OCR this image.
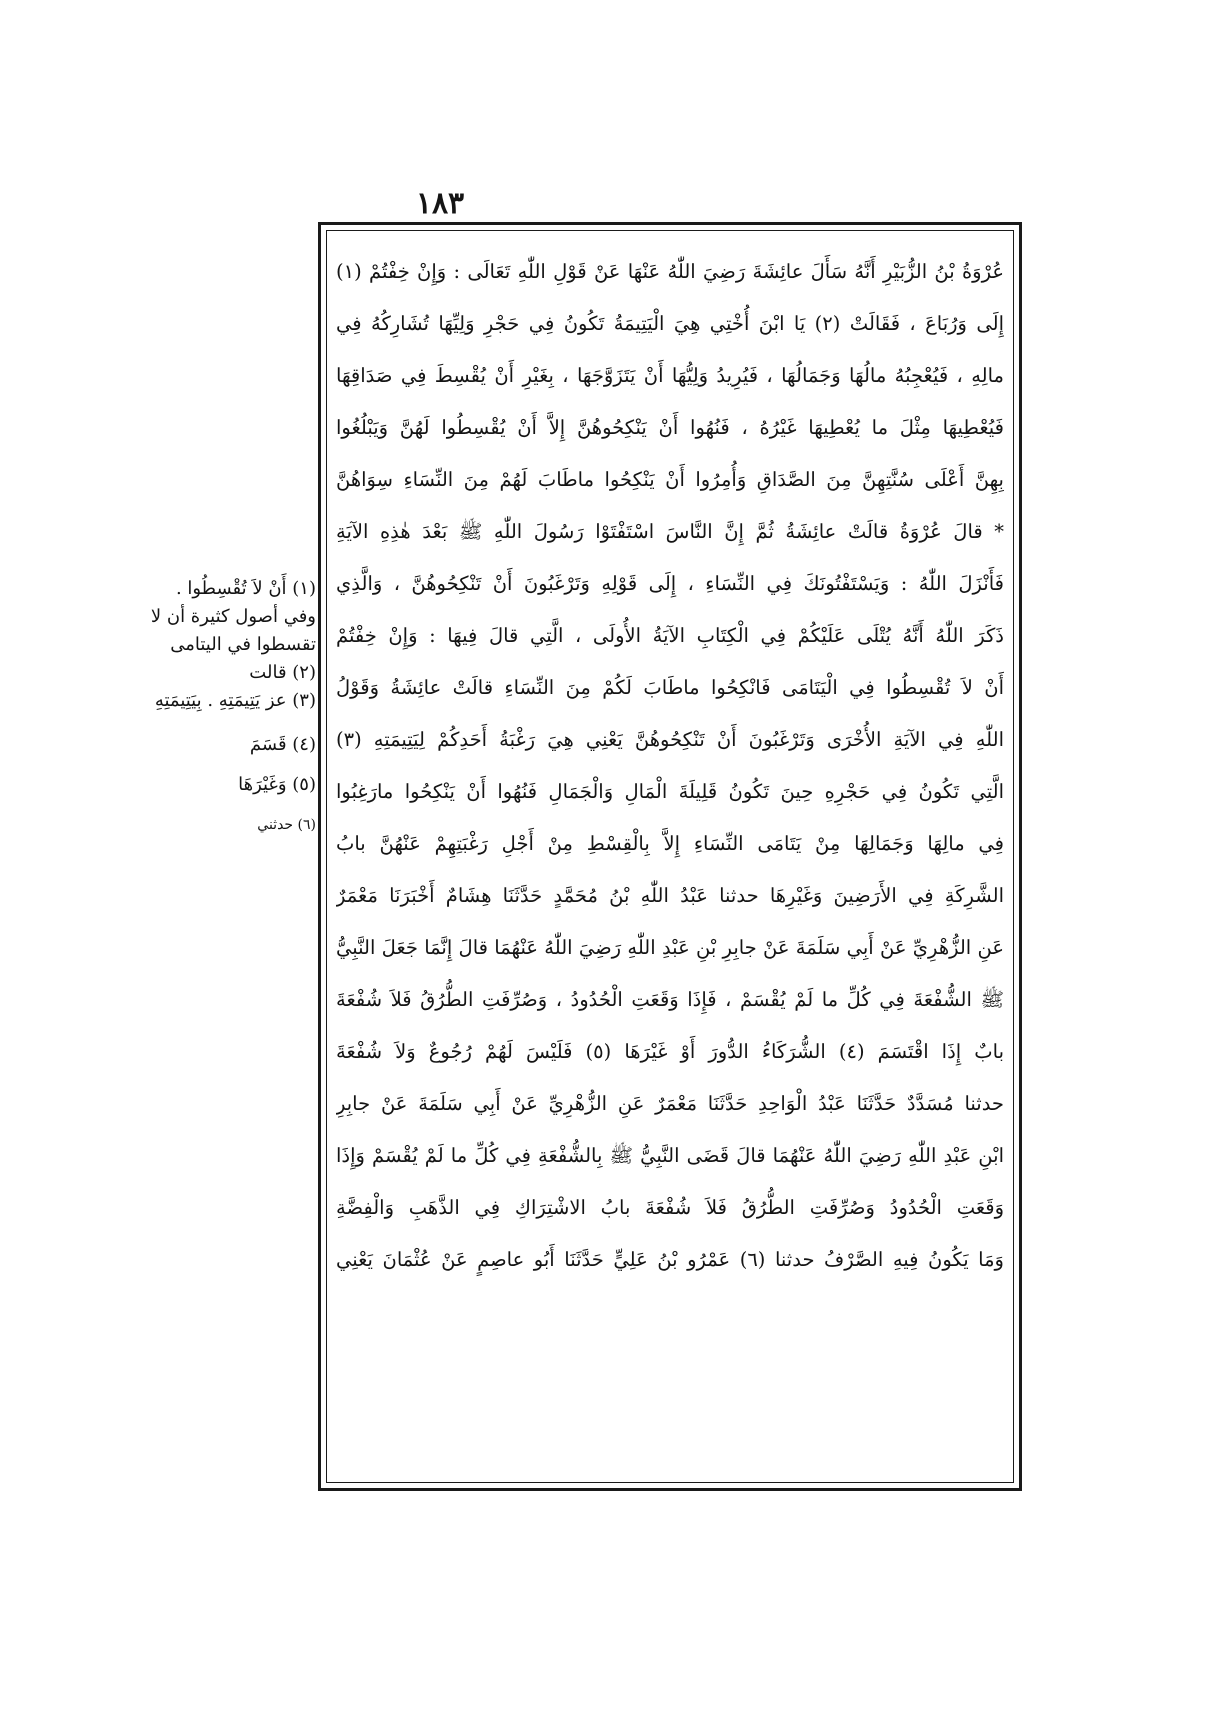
١٨٣
عُرْوَةُ بْنُ الزُّبَيْرِ أَنَّهُ سَأَلَ عائِشَةَ رَضِيَ اللّٰهُ عَنْهَا عَنْ قَوْلِ اللّٰهِ تَعَالَى : وَإِنْ خِفْتُمْ (١)
إِلَى وَرُبَاعَ ، فَقَالَتْ (٢) يَا ابْنَ أُخْتِي هِيَ الْيَتِيمَةُ تَكُونُ فِي حَجْرِ وَلِيِّهَا تُشَارِكُهُ فِي
مالِهِ ، فَيُعْجِبُهُ مالُهَا وَجَمَالُهَا ، فَيُرِيدُ وَلِيُّهَا أَنْ يَتَزَوَّجَهَا ، بِغَيْرِ أَنْ يُقْسِطَ فِي صَدَاقِهَا
فَيُعْطِيهَا مِثْلَ ما يُعْطِيهَا غَيْرُهُ ، فَنُهُوا أَنْ يَنْكِحُوهُنَّ إِلاَّ أَنْ يُقْسِطُوا لَهُنَّ وَيَبْلُغُوا
بِهِنَّ أَعْلَى سُنَّتِهِنَّ مِنَ الصَّدَاقِ وَأُمِرُوا أَنْ يَنْكِحُوا ماطَابَ لَهُمْ مِنَ النِّسَاءِ سِوَاهُنَّ
* قالَ عُرْوَةُ قالَتْ عائِشَةُ ثُمَّ إِنَّ النَّاسَ اسْتَفْتَوْا رَسُولَ اللّٰهِ ﷺ بَعْدَ هٰذِهِ الآيَةِ
فَأَنْزَلَ اللّٰهُ : وَيَسْتَفْتُونَكَ فِي النِّسَاءِ ، إِلَى قَوْلِهِ وَتَرْغَبُونَ أَنْ تَنْكِحُوهُنَّ ، وَالَّذِي
ذَكَرَ اللّٰهُ أَنَّهُ يُتْلَى عَلَيْكُمْ فِي الْكِتَابِ الآيَةُ الأُولَى ، الَّتِي قالَ فِيهَا : وَإِنْ خِفْتُمْ
أَنْ لاَ تُقْسِطُوا فِي الْيَتَامَى فَانْكِحُوا ماطَابَ لَكُمْ مِنَ النِّسَاءِ قالَتْ عائِشَةُ وَقَوْلُ
اللّٰهِ فِي الآيَةِ الأُخْرَى وَتَرْغَبُونَ أَنْ تَنْكِحُوهُنَّ يَعْنِي هِيَ رَغْبَةُ أَحَدِكُمْ لِيَتِيمَتِهِ (٣)
الَّتِي تَكُونُ فِي حَجْرِهِ حِينَ تَكُونُ قَلِيلَةَ الْمَالِ وَالْجَمَالِ فَنُهُوا أَنْ يَنْكِحُوا مارَغِبُوا
فِي مالِهَا وَجَمَالِهَا مِنْ يَتَامَى النِّسَاءِ إِلاَّ بِالْقِسْطِ مِنْ أَجْلِ رَغْبَتِهِمْ عَنْهُنَّ بابُ
الشَّرِكَةِ فِي الأَرَضِينَ وَغَيْرِهَا حدثنا عَبْدُ اللّٰهِ بْنُ مُحَمَّدٍ حَدَّثَنَا هِشَامٌ أَخْبَرَنَا مَعْمَرٌ
عَنِ الزُّهْرِيِّ عَنْ أَبِي سَلَمَةَ عَنْ جابِرِ بْنِ عَبْدِ اللّٰهِ رَضِيَ اللّٰهُ عَنْهُمَا قالَ إِنَّمَا جَعَلَ النَّبِيُّ
ﷺ الشُّفْعَةَ فِي كُلِّ ما لَمْ يُقْسَمْ ، فَإِذَا وَقَعَتِ الْحُدُودُ ، وَصُرِّفَتِ الطُّرُقُ فَلاَ شُفْعَةَ
بابٌ إِذَا اقْتَسَمَ (٤) الشُّرَكَاءُ الدُّورَ أَوْ غَيْرَهَا (٥) فَلَيْسَ لَهُمْ رُجُوعٌ وَلاَ شُفْعَةَ
حدثنا مُسَدَّدٌ حَدَّثَنَا عَبْدُ الْوَاحِدِ حَدَّثَنَا مَعْمَرٌ عَنِ الزُّهْرِيِّ عَنْ أَبِي سَلَمَةَ عَنْ جابِرِ
ابْنِ عَبْدِ اللّٰهِ رَضِيَ اللّٰهُ عَنْهُمَا قالَ قَضَى النَّبِيُّ ﷺ بِالشُّفْعَةِ فِي كُلِّ ما لَمْ يُقْسَمْ وَإِذَا
وَقَعَتِ الْحُدُودُ وَصُرِّفَتِ الطُّرُقُ فَلاَ شُفْعَةَ بابُ الاشْتِرَاكِ فِي الذَّهَبِ وَالْفِضَّةِ
وَمَا يَكُونُ فِيهِ الصَّرْفُ حدثنا (٦) عَمْرُو بْنُ عَلِيٍّ حَدَّثَنَا أَبُو عاصِمٍ عَنْ عُثْمَانَ يَعْنِي
(١) أَنْ لاَ تُقْسِطُوا .
وفي أصول كثيرة أن لا
تقسطوا في اليتامى
(٢) قالت
(٣) عز يَتِيمَتِهِ . بِيَتِيمَتِهِ
(٤) قَسَمَ
(٥) وَغَيْرَهَا
(٦) حدثني
